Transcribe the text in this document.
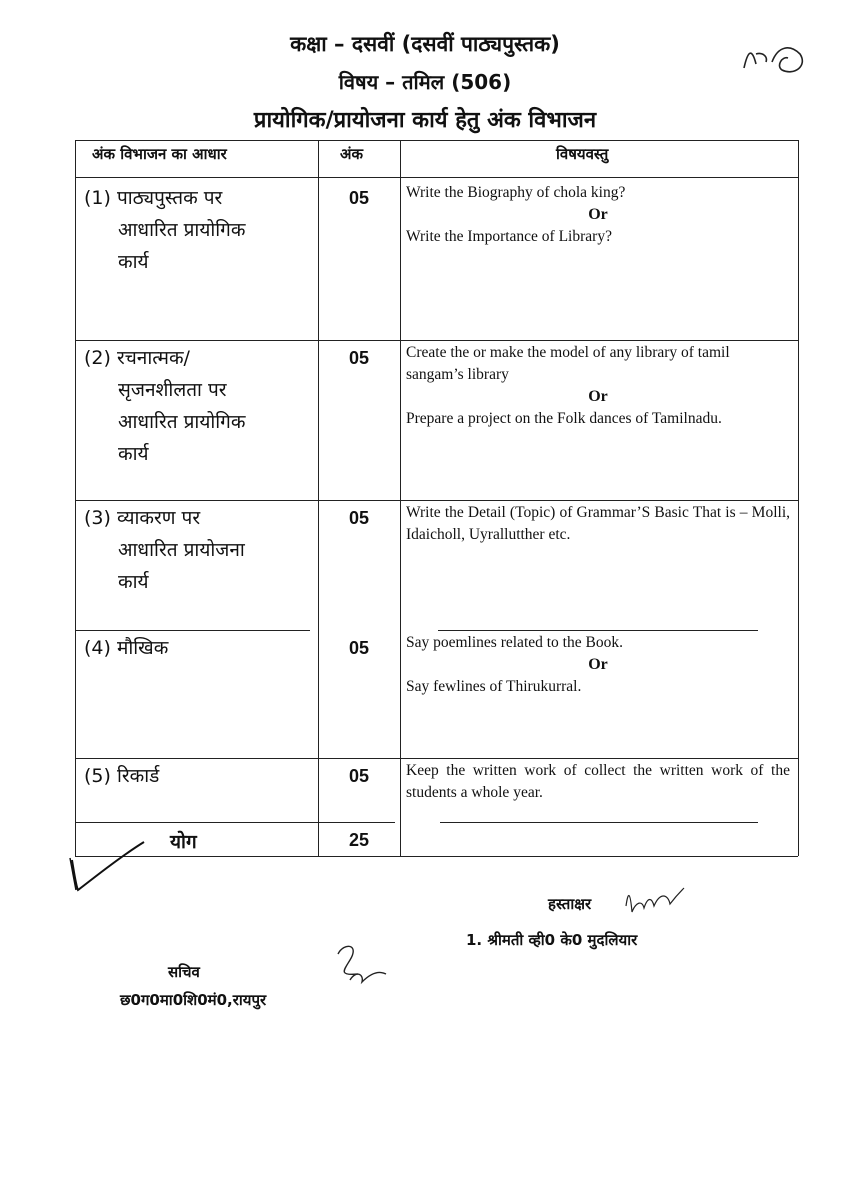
कक्षा – दसवीं (दसवीं पाठ्यपुस्तक)
विषय – तमिल (506)
प्रायोगिक/प्रायोजना कार्य हेतु अंक विभाजन
अंक विभाजन का आधार	अंक	विषयवस्तु
(1) पाठ्यपुस्तक पर
आधारित प्रायोगिक
कार्य
05	Write the Biography of chola king?
Or
Write the Importance of Library?
(2) रचनात्मक/
सृजनशीलता पर
आधारित प्रायोगिक
कार्य
05	Create the or make the model of any library of tamil sangam’s library
Or
Prepare a project on the Folk dances of Tamilnadu.
(3) व्याकरण पर
आधारित प्रायोजना
कार्य
05	Write the Detail (Topic) of Grammar’S Basic That is – Molli, Idaicholl, Uyrallutther etc.
(4) मौखिक	05	Say poemlines related to the Book.
Or
Say fewlines of Thirukurral.
(5) रिकार्ड	05	Keep the written work of collect the written work of the students a whole year.
योग	25
हस्ताक्षर
1. श्रीमती व्ही0 के0 मुदलियार
सचिव
छ0ग0मा0शि0मं0,रायपुर
